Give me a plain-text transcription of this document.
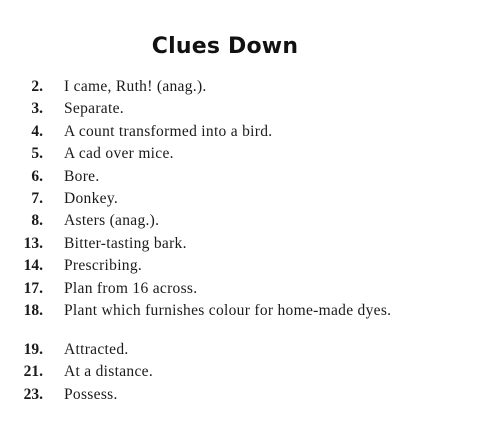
Clues Down
2. I came, Ruth! (anag.).
3. Separate.
4. A count transformed into a bird.
5. A cad over mice.
6. Bore.
7. Donkey.
8. Asters (anag.).
13. Bitter-tasting bark.
14. Prescribing.
17. Plan from 16 across.
18. Plant which furnishes colour for home-made dyes.
19. Attracted.
21. At a distance.
23. Possess.
